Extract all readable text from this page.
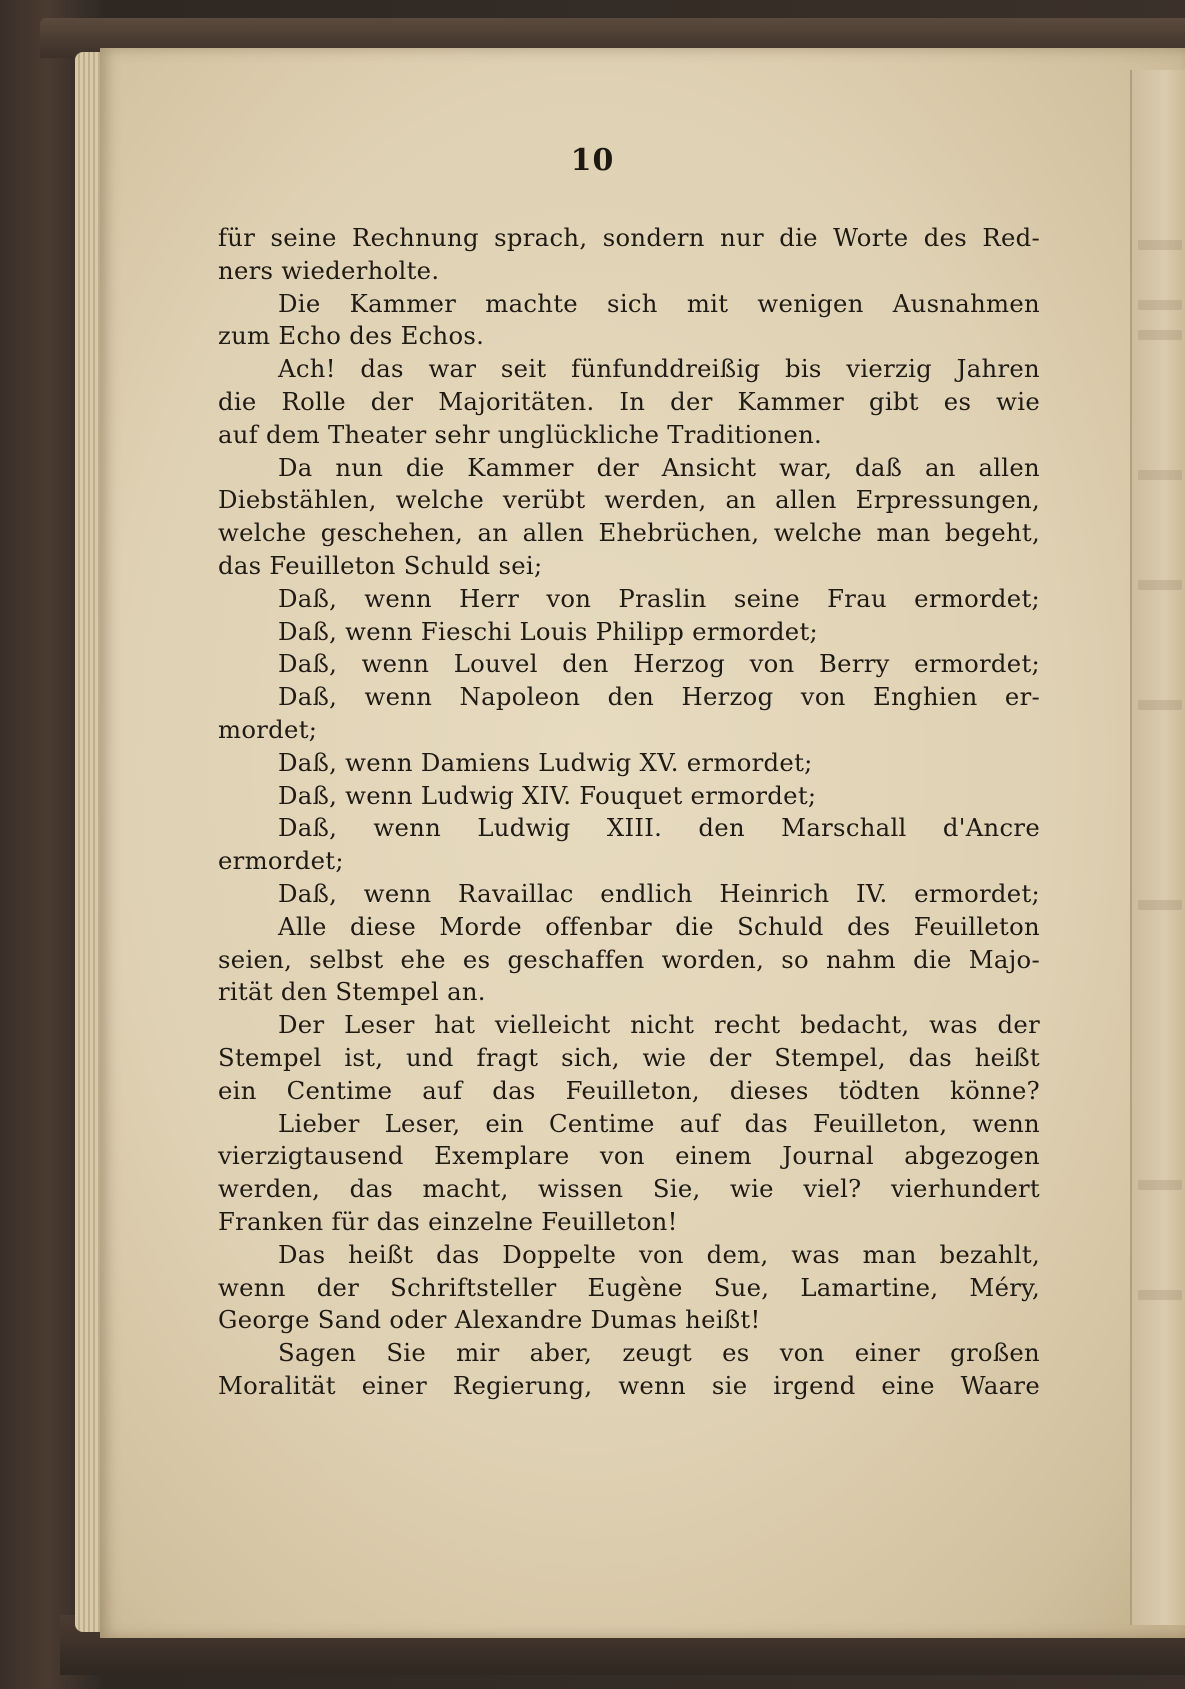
10
für seine Rechnung sprach, sondern nur die Worte des Red-
ners wiederholte.
Die Kammer machte sich mit wenigen Ausnahmen
zum Echo des Echos.
Ach! das war seit fünfunddreißig bis vierzig Jahren
die Rolle der Majoritäten. In der Kammer gibt es wie
auf dem Theater sehr unglückliche Traditionen.
Da nun die Kammer der Ansicht war, daß an allen
Diebstählen, welche verübt werden, an allen Erpressungen,
welche geschehen, an allen Ehebrüchen, welche man begeht,
das Feuilleton Schuld sei;
Daß, wenn Herr von Praslin seine Frau ermordet;
Daß, wenn Fieschi Louis Philipp ermordet;
Daß, wenn Louvel den Herzog von Berry ermordet;
Daß, wenn Napoleon den Herzog von Enghien er-
mordet;
Daß, wenn Damiens Ludwig XV. ermordet;
Daß, wenn Ludwig XIV. Fouquet ermordet;
Daß, wenn Ludwig XIII. den Marschall d'Ancre
ermordet;
Daß, wenn Ravaillac endlich Heinrich IV. ermordet;
Alle diese Morde offenbar die Schuld des Feuilleton
seien, selbst ehe es geschaffen worden, so nahm die Majo-
rität den Stempel an.
Der Leser hat vielleicht nicht recht bedacht, was der
Stempel ist, und fragt sich, wie der Stempel, das heißt
ein Centime auf das Feuilleton, dieses tödten könne?
Lieber Leser, ein Centime auf das Feuilleton, wenn
vierzigtausend Exemplare von einem Journal abgezogen
werden, das macht, wissen Sie, wie viel? vierhundert
Franken für das einzelne Feuilleton!
Das heißt das Doppelte von dem, was man bezahlt,
wenn der Schriftsteller Eugène Sue, Lamartine, Méry,
George Sand oder Alexandre Dumas heißt!
Sagen Sie mir aber, zeugt es von einer großen
Moralität einer Regierung, wenn sie irgend eine Waare
